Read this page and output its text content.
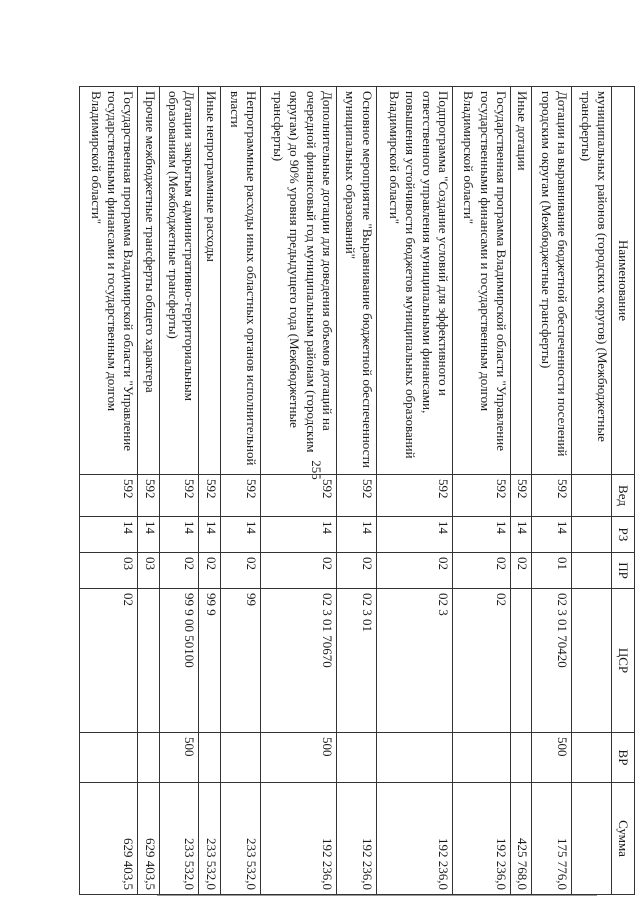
255
Наименование	Вед	РЗ	ПР	ЦСР	ВР	Сумма
муниципальных районов (городских округов) (Межбюджетные трансферты)						
Дотации на выравнивание бюджетной обеспеченности поселений городским округам (Межбюджетные трансферты)	592	14	01	02 3 01 70420	500	175 776,0
Иные дотации	592	14	02			425 768,0
Государственная программа Владимирской области "Управление государственными финансами и государственным долгом Владимирской области"	592	14	02	02		192 236,0
Подпрограмма "Создание условий для эффективного и ответственного управления муниципальными финансами, повышения устойчивости бюджетов муниципальных образований Владимирской области"	592	14	02	02 3		192 236,0
Основное мероприятие "Выравнивание бюджетной обеспеченности муниципальных образований"	592	14	02	02 3 01		192 236,0
Дополнительные дотации для доведения объемов дотаций на очередной финансовый год муниципальным районам (городским округам) до 90% уровня предыдущего года (Межбюджетные трансферты)	592	14	02	02 3 01 70670	500	192 236,0
Непрограммные расходы иных областных органов исполнительной власти	592	14	02	99		233 532,0
Иные непрограммные расходы	592	14	02	99 9		233 532,0
Дотации закрытым административно-территориальным образованиям (Межбюджетные трансферты)	592	14	02	99 9 00 50100	500	233 532,0
Прочие межбюджетные трансферты общего характера	592	14	03			629 403,5
Государственная программа Владимирской области "Управление государственными финансами и государственным долгом Владимирской области"	592	14	03	02		629 403,5
